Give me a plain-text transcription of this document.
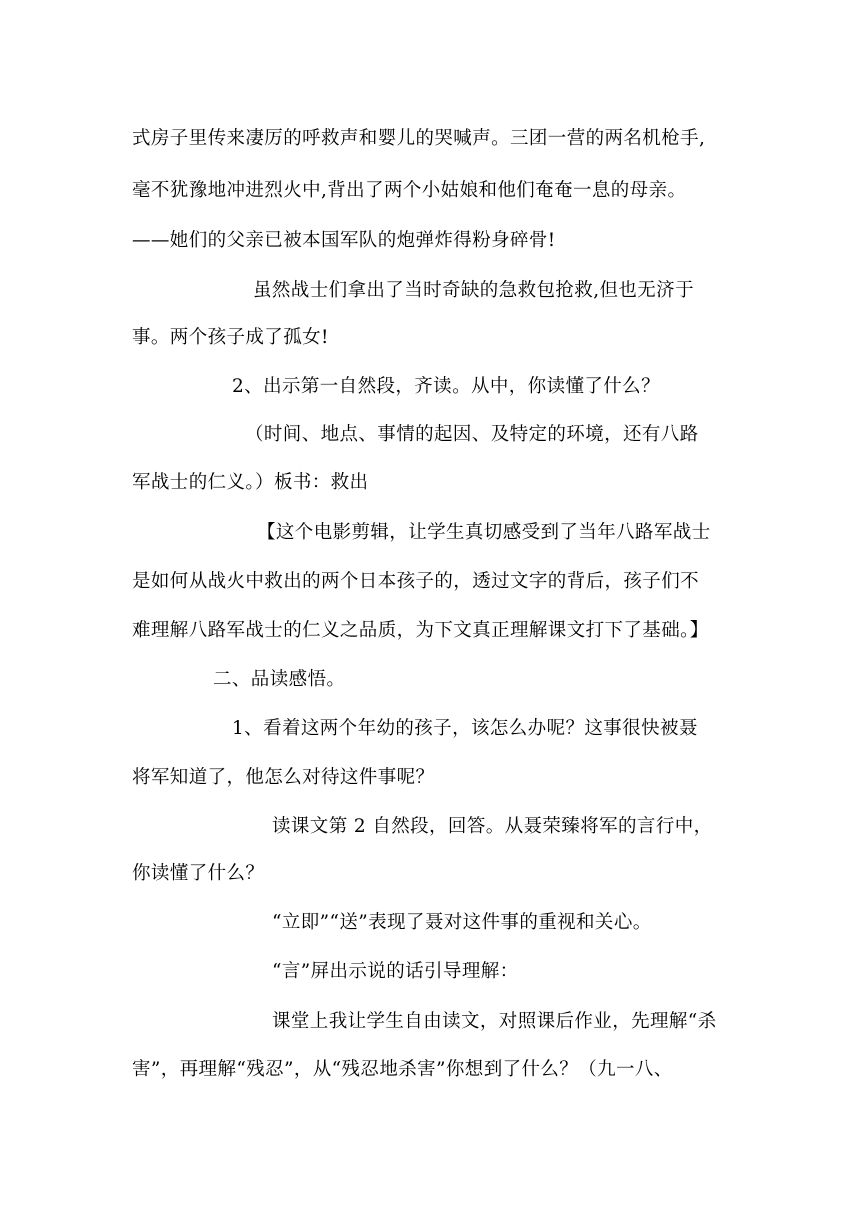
式房子里传来凄厉的呼救声和婴儿的哭喊声。三团一营的两名机枪手,
毫不犹豫地冲进烈火中,背出了两个小姑娘和他们奄奄一息的母亲。
——她们的父亲已被本国军队的炮弹炸得粉身碎骨!
虽然战士们拿出了当时奇缺的急救包抢救,但也无济于
事。两个孩子成了孤女!
2、出示第一自然段，齐读。从中，你读懂了什么？
（时间、地点、事情的起因、及特定的环境，还有八路
军战士的仁义。）板书：救出
【这个电影剪辑，让学生真切感受到了当年八路军战士
是如何从战火中救出的两个日本孩子的，透过文字的背后，孩子们不
难理解八路军战士的仁义之品质，为下文真正理解课文打下了基础。】
二、品读感悟。
1、看着这两个年幼的孩子，该怎么办呢？这事很快被聂
将军知道了，他怎么对待这件事呢？
读课文第 2 自然段，回答。从聂荣臻将军的言行中，
你读懂了什么？
“立即”“送”表现了聂对这件事的重视和关心。
“言”屏出示说的话引导理解：
课堂上我让学生自由读文，对照课后作业，先理解“杀
害”，再理解“残忍”，从“残忍地杀害”你想到了什么？（九一八、
